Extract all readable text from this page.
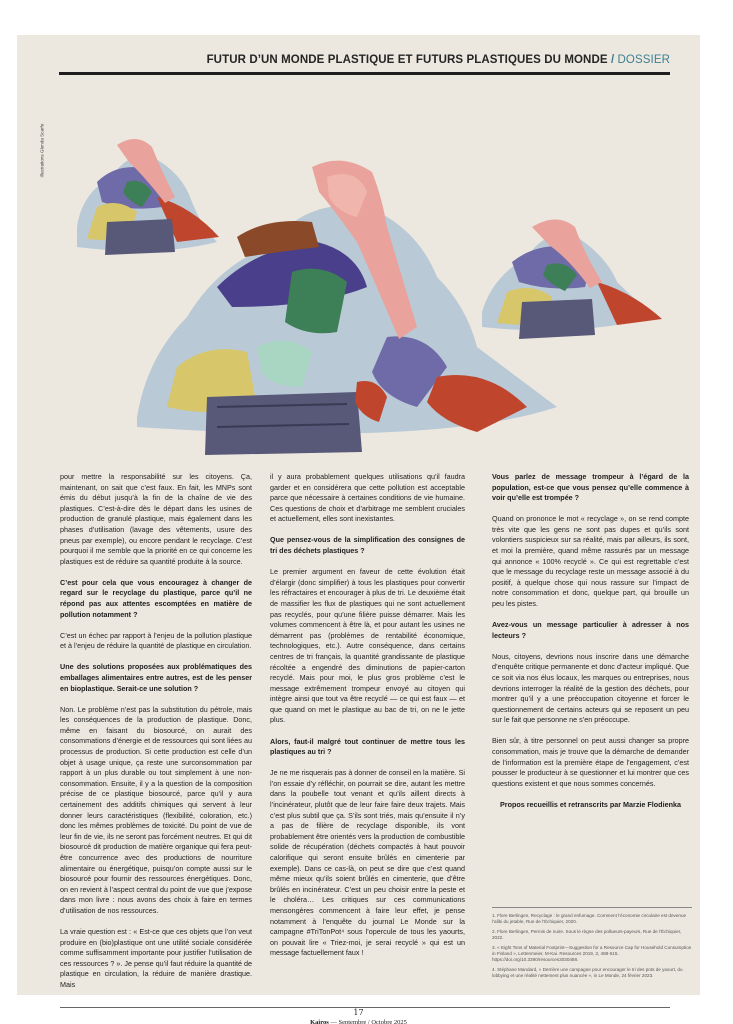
FUTUR D’UN MONDE PLASTIQUE ET FUTURS PLASTIQUES DU MONDE / DOSSIER
Illustrations Glenda Scarfe

pour mettre la responsabilité sur les citoyens. Ça, maintenant, on sait que c’est faux. En fait, les MNPs sont émis du début jusqu’à la fin de la chaîne de vie des plastiques. C’est-à-dire dès le départ dans les usines de production de granulé plastique, mais également dans les phases d’utilisation (lavage des vêtements, usure des pneus par exemple), ou encore pendant le recyclage. C’est pourquoi il me semble que la priorité en ce qui concerne les plastiques est de réduire sa quantité produite à la source.

C’est pour cela que vous encouragez à changer de regard sur le recyclage du plastique, parce qu’il ne répond pas aux attentes escomptées en matière de pollution notamment ?

C’est un échec par rapport à l’enjeu de la pollution plastique et à l’enjeu de réduire la quantité de plastique en circulation.

Une des solutions proposées aux problématiques des emballages alimentaires entre autres, est de les penser en bioplastique. Serait-ce une solution ?

Non. Le problème n’est pas la substitution du pétrole, mais les conséquences de la production de plastique. Donc, même en faisant du biosourcé, on aurait des consommations d’énergie et de ressources qui sont liées au processus de production. Si cette production est celle d’un objet à usage unique, ça reste une surconsommation par rapport à un plus durable ou tout simplement à une non-consommation. Ensuite, il y a la question de la composition précise de ce plastique biosourcé, parce qu’il y aura certainement des additifs chimiques qui servent à leur donner leurs caractéristiques (flexibilité, coloration, etc.) donc les mêmes problèmes de toxicité. Du point de vue de leur fin de vie, ils ne seront pas forcément neutres. Et qui dit biosourcé dit production de matière organique qui fera peut-être concurrence avec des productions de nourriture alimentaire ou énergétique, puisqu’on compte aussi sur le biosourcé pour fournir des ressources énergétiques. Donc, on en revient à l’aspect central du point de vue que j’expose dans mon livre : nous avons des choix à faire en termes d’utilisation de nos ressources.

La vraie question est : « Est-ce que ces objets que l’on veut produire en (bio)plastique ont une utilité sociale considérée comme suffisamment importante pour justifier l’utilisation de ces ressources ? ». Je pense qu’il faut réduire la quantité de plastique en circulation, la réduire de manière drastique. Mais

il y aura probablement quelques utilisations qu’il faudra garder et en considérera que cette pollution est acceptable parce que nécessaire à certaines conditions de vie humaine. Ces questions de choix et d’arbitrage me semblent cruciales et actuellement, elles sont inexistantes.

Que pensez-vous de la simplification des consignes de tri des déchets plastiques ?

Le premier argument en faveur de cette évolution était d’élargir (donc simplifier) à tous les plastiques pour convertir les réfractaires et encourager à plus de tri. Le deuxième était de massifier les flux de plastiques qui ne sont actuellement pas recyclés, pour qu’une filière puisse démarrer. Mais les volumes commencent à être là, et pour autant les usines ne démarrent pas (problèmes de rentabilité économique, technologiques, etc.). Autre conséquence, dans certains centres de tri français, la quantité grandissante de plastique récoltée a engendré des diminutions de papier-carton recyclé. Mais pour moi, le plus gros problème c’est le message extrêmement trompeur envoyé au citoyen qui intègre ainsi que tout va être recyclé — ce qui est faux — et que quand on met le plastique au bac de tri, on ne le jette plus.

Alors, faut-il malgré tout continuer de mettre tous les plastiques au tri ?

Je ne me risquerais pas à donner de conseil en la matière. Si l’on essaie d’y réfléchir, on pourrait se dire, autant les mettre dans la poubelle tout venant et qu’ils aillent directs à l’incinérateur, plutôt que de leur faire faire deux trajets. Mais c’est plus subtil que ça. S’ils sont triés, mais qu’ensuite il n’y a pas de filière de recyclage disponible, ils vont probablement être orientés vers la production de combustible solide de récupération (déchets compactés à haut pouvoir calorifique qui seront ensuite brûlés en cimenterie par exemple). Dans ce cas-là, on peut se dire que c’est quand même mieux qu’ils soient brûlés en cimenterie, que d’être brûlés en incinérateur. C’est un peu choisir entre la peste et le choléra… Les critiques sur ces communications mensongères commencent à faire leur effet, je pense notamment à l’enquête du journal Le Monde sur la campagne #TriTonPot⁴ sous l’opercule de tous les yaourts, on pouvait lire « Triez-moi, je serai recyclé » qui est un message factuellement faux !

Vous parlez de message trompeur à l’égard de la population, est-ce que vous pensez qu’elle commence à voir qu’elle est trompée ?

Quand on prononce le mot « recyclage », on se rend compte très vite que les gens ne sont pas dupes et qu’ils sont volontiers suspicieux sur sa réalité, mais par ailleurs, ils sont, et moi la première, quand même rassurés par un message qui annonce « 100% recyclé ». Ce qui est regrettable c’est que le message du recyclage reste un message associé à du positif, à quelque chose qui nous rassure sur l’impact de notre consommation et donc, quelque part, qui brouille un peu les pistes.

Avez-vous un message particulier à adresser à nos lecteurs ?

Nous, citoyens, devrions nous inscrire dans une démarche d’enquête critique permanente et donc d’acteur impliqué. Que ce soit via nos élus locaux, les marques ou entreprises, nous devrions interroger la réalité de la gestion des déchets, pour montrer qu’il y a une préoccupation citoyenne et forcer le questionnement de certains acteurs qui se reposent un peu sur le fait que personne ne s’en préoccupe.

Bien sûr, à titre personnel on peut aussi changer sa propre consommation, mais je trouve que la démarche de demander de l’information est la première étape de l’engagement, c’est pousser le producteur à se questionner et lui montrer que ces questions existent et que nous sommes concernés.

Propos recueillis et retranscrits par Marzie Flodienka

1. Flore Berlingen, Recyclage : le grand enfumage. Comment l’économie circulaire est devenue l’alibi du jetable, Rue de l’Échiquier, 2020.

2. Flore Berlingen, Permis de nuire. Sous le règne des pollueurs-payeurs, Rue de l’Échiquier, 2022.

3. « Eight Tons of Material Footprint—Suggestion for a Resource Cap for Household Consumption in Finland », Lettenmeier, M-Kai. Resources 2019, 3, 488-515. https://doi.org/10.3390/resources3030488.

4. Stéphane Mandard, « Derrière une campagne pour encourager le tri des pots de yaourt, du lobbying et une réalité nettement plus nuancée », in Le Monde, 24 février 2023.

17
Kairos — Septembre / Octobre 2025
